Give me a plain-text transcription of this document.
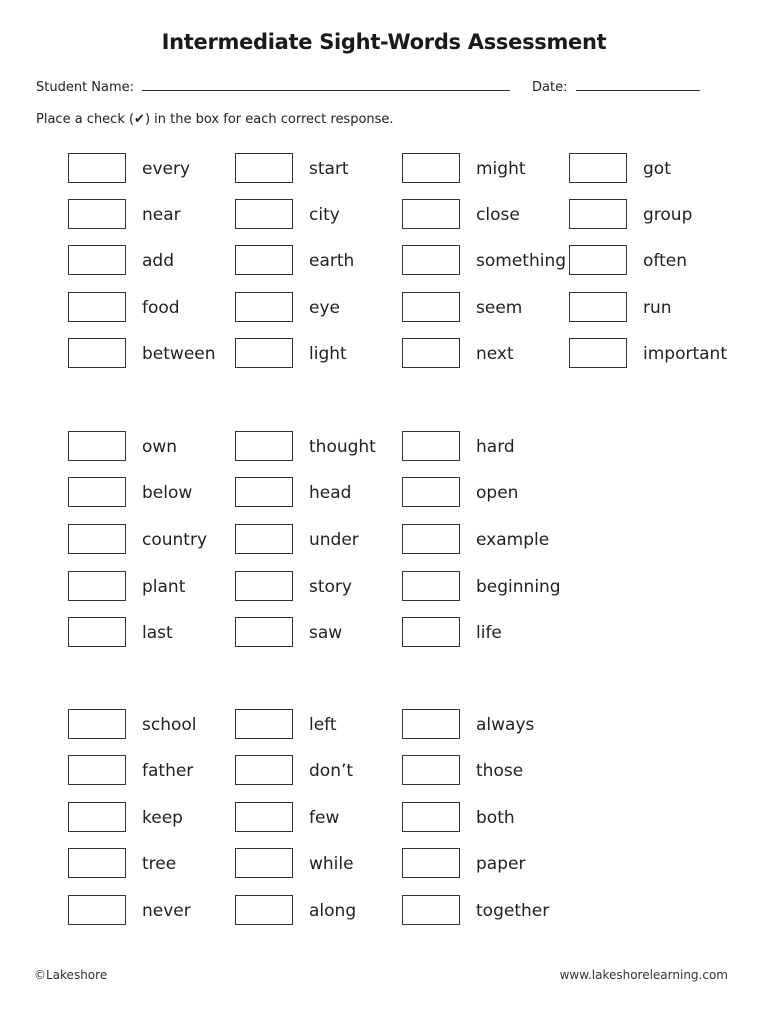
Intermediate Sight-Words Assessment
Student Name:	Date:
Place a check (✔) in the box for each correct response.
every	start	might	got
near	city	close	group
add	earth	something	often
food	eye	seem	run
between	light	next	important
own	thought	hard
below	head	open
country	under	example
plant	story	beginning
last	saw	life
school	left	always
father	don’t	those
keep	few	both
tree	while	paper
never	along	together
©Lakeshore	www.lakeshorelearning.com
